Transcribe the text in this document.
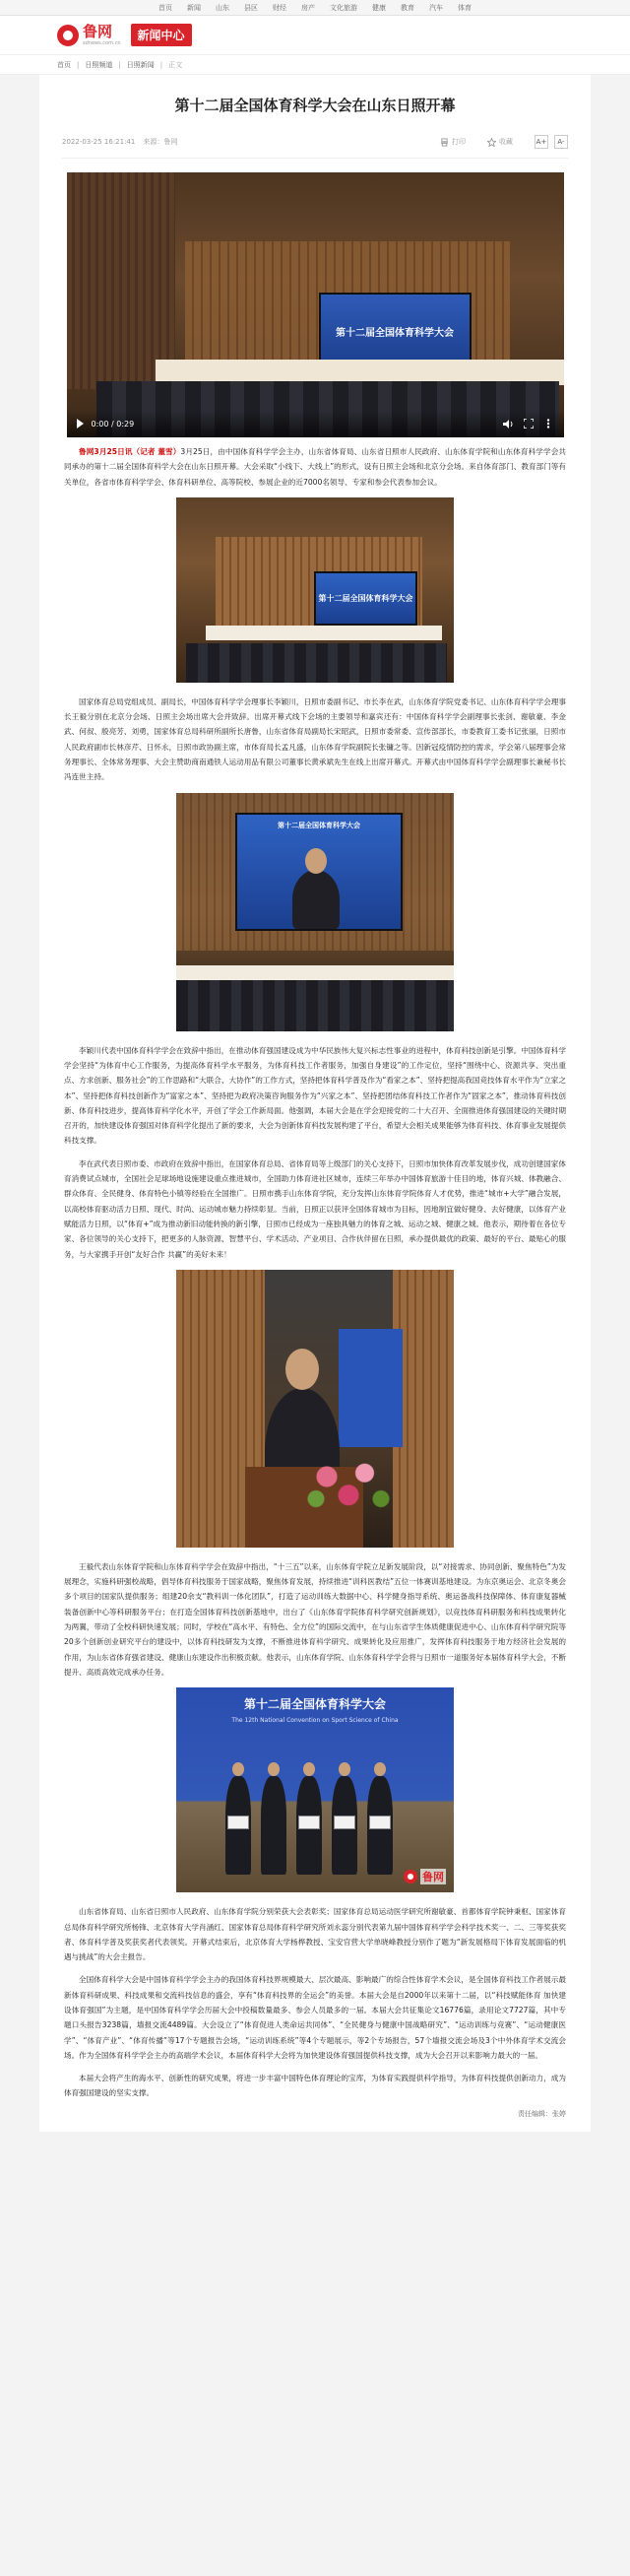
首页 新闻 山东 县区 财经 房产 文化旅游 健康 教育 汽车 体育
鲁网
sdnews.com.cn
新闻中心
首页 | 日照频道 | 日照新闻 | 正文
第十二届全国体育科学大会在山东日照开幕
2022-03-25 16:21:41 来源：鲁网	打印	收藏	A+	A-
第十二届全国体育科学大会
0:00 / 0:29

鲁网3月25日讯（记者 董雪）3月25日，由中国体育科学学会主办，山东省体育局、山东省日照市人民政府、山东体育学院和山东体育科学学会共同承办的第十二届全国体育科学大会在山东日照开幕。大会采取“小线下、大线上”的形式，设有日照主会场和北京分会场。来自体育部门、教育部门等有关单位，各省市体育科学学会、体育科研单位、高等院校、参展企业的近7000名领导、专家和参会代表参加会议。

第十二届全国体育科学大会

国家体育总局党组成员、副局长，中国体育科学学会理事长李颖川，日照市委副书记、市长李在武，山东体育学院党委书记、山东体育科学学会理事长王毅分别在北京分会场、日照主会场出席大会并致辞。出席开幕式线下会场的主要领导和嘉宾还有：中国体育科学学会副理事长张剑、谢敏豪、李金武、何叔、殷亮芳、刘勇，国家体育总局科研所副所长唐鲁，山东省体育局副局长宋昭武，日照市委常委、宣传部部长，市委教育工委书记张丽，日照市人民政府副市长林彦芹、日怀永，日照市政协副主席，市体育局长孟凡盛，山东体育学院副院长张镛之等。因新冠疫情防控的需求，学会第八届理事会常务理事长、全体常务理事、大会主赞助商南通铁人运动用品有限公司董事长黄承斌先生在线上出席开幕式。开幕式由中国体育科学学会副理事长兼秘书长冯连世主持。

第十二届全国体育科学大会

李颖川代表中国体育科学学会在致辞中指出，在推动体育强国建设成为中华民族伟大复兴标志性事业的进程中，体育科技创新是引擎。中国体育科学学会坚持“为体育中心工作服务，为提高体育科学水平服务，为体育科技工作者服务，加强自身建设”的工作定位，坚持“围绕中心、资源共享、突出重点、方求创新、服务社会”的工作思路和“大联合、大协作”的工作方式，坚持把体育科学普及作为“看家之本”、坚持把提高我国竞技体育水平作为“立家之本”、坚持把体育科技创新作为“富家之本”、坚持把为政府决策咨询服务作为“兴家之本”、坚持把团结体育科技工作者作为“固家之本”，推动体育科技创新、体育科技进步，提高体育科学化水平，开创了学会工作新局面。他强调，本届大会是在学会迎接党的二十大召开、全面推进体育强国建设的关键时期召开的，加快建设体育强国对体育科学化提出了新的要求，大会为创新体育科技发展构建了平台，希望大会相关成果能够为体育科技、体育事业发展提供科技支撑。

李在武代表日照市委、市政府在致辞中指出，在国家体育总局、省体育局等上级部门的关心支持下，日照市加快体育改革发展步伐，成功创建国家体育消费试点城市，全国社会足球场地设施建设重点推进城市，全国助力体育进社区城市，连续三年举办中国体育旅游十佳目的地，体育兴城、体教融合、群众体育、全民健身、体育特色小镇等经验在全国推广。日照市携手山东体育学院，充分发挥山东体育学院体育人才优势，推进“城市+大学”融合发展，以高校体育驱动活力日照、现代、时尚、运动城市魅力持续彰显。当前，日照正以获评全国体育城市为目标，因地制宜做好健身、去好健康，以体育产业赋能活力日照，以“体育+”成为推动新旧动能转换的新引擎，日照市已经成为一座独具魅力的体育之城、运动之城、健康之城。他表示，期待着在各位专家、各位领导的关心支持下，把更多的人脉资源、智慧平台、学术活动、产业项目、合作伙伴留在日照，承办提供最优的政策、最好的平台、最贴心的服务，与大家携手开创“友好合作 共赢”的美好未来！

王毅代表山东体育学院和山东体育科学学会在致辞中指出，“十三五”以来，山东体育学院立足新发展阶段，以“对接需求、协同创新、聚焦特色”为发展理念，实施科研强校战略，倡导体育科技服务于国家战略，聚焦体育发展，持续推进“训科医教结”五位一体赛训基地建设。为东京奥运会、北京冬奥会多个项目的国家队提供服务；组建20余支“教科训一体化团队”，打造了运动训练大数据中心、科学健身指导系统、奥运备战科技保障体、体育康复器械装备创新中心等科研服务平台；在打造全国体育科技创新基地中，出台了《山东体育学院体育科学研究创新规划》，以竞技体育科研服务和科技成果转化为两翼，带动了全校科研快速发展；同时，学校在“高水平、有特色、全方位”的国际交流中，在与山东省学生体质健康促进中心、山东体育科学研究院等20多个创新创业研究平台的建设中，以体育科技研发为支撑，不断推进体育科学研究、成果转化及应用推广，发挥体育科技服务于地方经济社会发展的作用，为山东省体育强省建设、健康山东建设作出积极贡献。他表示，山东体育学院、山东体育科学学会将与日照市一道服务好本届体育科学大会，不断提升、高质高效完成承办任务。

第十二届全国体育科学大会
The 12th National Convention on Sport Science of China
鲁网

山东省体育局、山东省日照市人民政府、山东体育学院分别荣获大会表彰奖；国家体育总局运动医学研究所谢敏豪、首都体育学院钟秉枢、国家体育总局体育科学研究所杨锋、北京体育大学肖涵红、国家体育总局体育科学研究所刘永蕊分别代表第九届中国体育科学学会科学技术奖一、二、三等奖获奖者、体育科学普及奖获奖者代表领奖。开幕式结束后，北京体育大学杨桦教授、宝安官营大学单晓峰教授分别作了题为“新发展格局下体育发展面临的机遇与挑战”的大会主报告。

全国体育科学大会是中国体育科学学会主办的我国体育科技界规模最大、层次最高、影响最广的综合性体育学术会议，是全国体育科技工作者展示最新体育科研成果、科技成果和交流科技信息的盛会，享有“体育科技界的全运会”的美誉。本届大会是自2000年以来第十二届，以“科技赋能体育 加快建设体育强国”为主题，是中国体育科学学会历届大会中投稿数量最多、参会人员最多的一届。本届大会共征集论文16776篇，录用论文7727篇，其中专题口头报告3238篇，墙报交流4489篇。大会设立了“体育促进人类命运共同体”、“全民健身与健康中国战略研究”、“运动训练与竞赛”、“运动健康医学”、“体育产业”、“体育传播”等17个专题报告会场，“运动训练系统”等4个专题展示，等2个专场报告，57个墙报交流会场及3个中外体育学术交流会场。作为全国体育科学学会主办的高端学术会议，本届体育科学大会将为加快建设体育强国提供科技支撑，成为大会召开以来影响力最大的一届。

本届大会将产生的海水平、创新性的研究成果，将进一步丰富中国特色体育理论的宝库，为体育实践提供科学指导，为体育科技提供创新动力，成为体育强国建设的坚实支撑。

责任编辑：张婷
